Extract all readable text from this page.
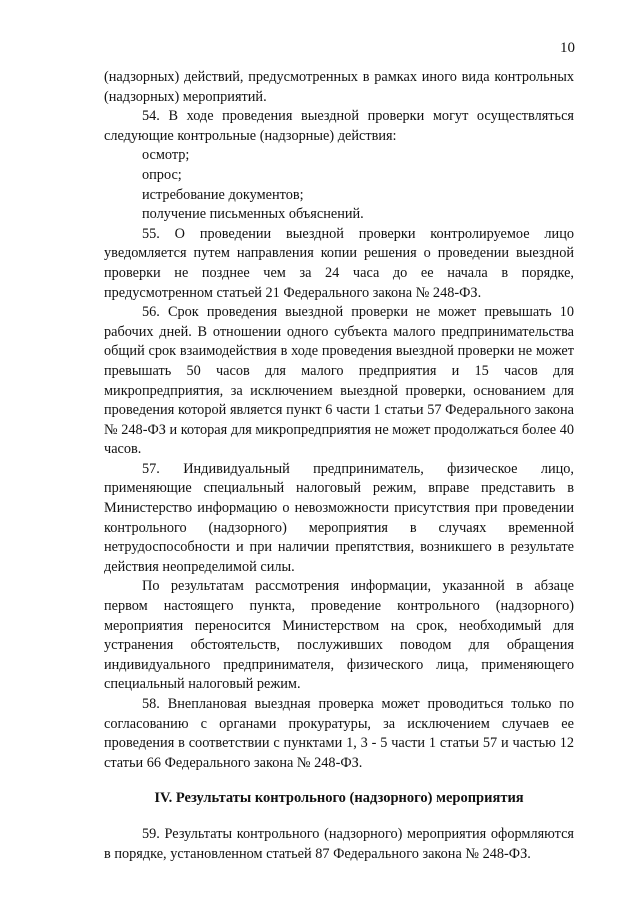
10

(надзорных) действий, предусмотренных в рамках иного вида контрольных (надзорных) мероприятий.

54. В ходе проведения выездной проверки могут осуществляться следующие контрольные (надзорные) действия:

осмотр;

опрос;

истребование документов;

получение письменных объяснений.

55. О проведении выездной проверки контролируемое лицо уведомляется путем направления копии решения о проведении выездной проверки не позднее чем за 24 часа до ее начала в порядке, предусмотренном статьей 21 Федерального закона № 248-ФЗ.

56. Срок проведения выездной проверки не может превышать 10 рабочих дней. В отношении одного субъекта малого предпринимательства общий срок взаимодействия в ходе проведения выездной проверки не может превышать 50 часов для малого предприятия и 15 часов для микропредприятия, за исключением выездной проверки, основанием для проведения которой является пункт 6 части 1 статьи 57 Федерального закона № 248-ФЗ и которая для микропредприятия не может продолжаться более 40 часов.

57. Индивидуальный предприниматель, физическое лицо, применяющие специальный налоговый режим, вправе представить в Министерство информацию о невозможности присутствия при проведении контрольного (надзорного) мероприятия в случаях временной нетрудоспособности и при наличии препятствия, возникшего в результате действия неопределимой силы.

По результатам рассмотрения информации, указанной в абзаце первом настоящего пункта, проведение контрольного (надзорного) мероприятия переносится Министерством на срок, необходимый для устранения обстоятельств, послуживших поводом для обращения индивидуального предпринимателя, физического лица, применяющего специальный налоговый режим.

58. Внеплановая выездная проверка может проводиться только по согласованию с органами прокуратуры, за исключением случаев ее проведения в соответствии с пунктами 1, 3 - 5 части 1 статьи 57 и частью 12 статьи 66 Федерального закона № 248-ФЗ.

IV. Результаты контрольного (надзорного) мероприятия

59. Результаты контрольного (надзорного) мероприятия оформляются в порядке, установленном статьей 87 Федерального закона № 248-ФЗ.
